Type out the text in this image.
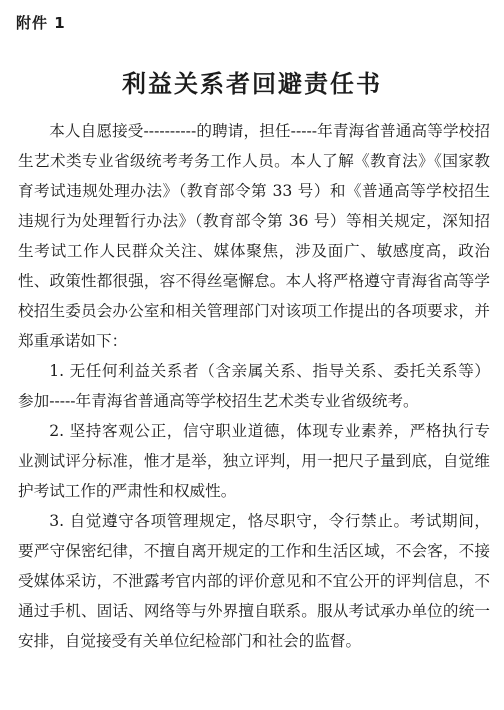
附件 1
利益关系者回避责任书

本人自愿接受----------的聘请，担任-----年青海省普通高等学校招生艺术类专业省级统考考务工作人员。本人了解《教育法》《国家教育考试违规处理办法》（教育部令第 33 号）和《普通高等学校招生违规行为处理暂行办法》（教育部令第 36 号）等相关规定，深知招生考试工作人民群众关注、媒体聚焦，涉及面广、敏感度高，政治性、政策性都很强，容不得丝毫懈怠。本人将严格遵守青海省高等学校招生委员会办公室和相关管理部门对该项工作提出的各项要求，并郑重承诺如下：

1. 无任何利益关系者（含亲属关系、指导关系、委托关系等）参加-----年青海省普通高等学校招生艺术类专业省级统考。

2. 坚持客观公正，信守职业道德，体现专业素养，严格执行专业测试评分标准，惟才是举，独立评判，用一把尺子量到底，自觉维护考试工作的严肃性和权威性。

3. 自觉遵守各项管理规定，恪尽职守，令行禁止。考试期间，要严守保密纪律，不擅自离开规定的工作和生活区域，不会客，不接受媒体采访，不泄露考官内部的评价意见和不宜公开的评判信息，不通过手机、固话、网络等与外界擅自联系。服从考试承办单位的统一安排，自觉接受有关单位纪检部门和社会的监督。
